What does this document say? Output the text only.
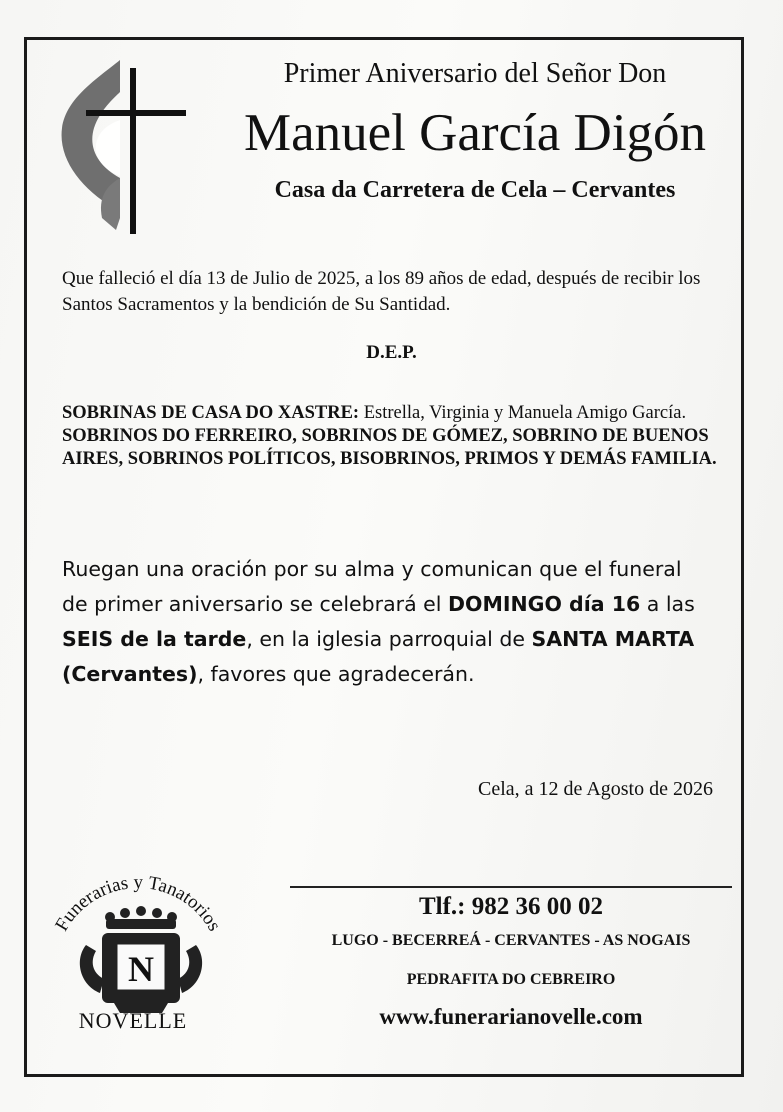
Primer Aniversario del Señor Don
Manuel García Digón
Casa da Carretera de Cela – Cervantes
Que falleció el día 13 de Julio de 2025, a los 89 años de edad, después de recibir los Santos Sacramentos y la bendición de Su Santidad.
D.E.P.
SOBRINAS DE CASA DO XASTRE: Estrella, Virginia y Manuela Amigo García.
SOBRINOS DO FERREIRO, SOBRINOS DE GÓMEZ, SOBRINO DE BUENOS AIRES, SOBRINOS POLÍTICOS, BISOBRINOS, PRIMOS Y DEMÁS FAMILIA.
Ruegan una oración por su alma y comunican que el funeral de primer aniversario se celebrará el DOMINGO día 16 a las SEIS de la tarde, en la iglesia parroquial de SANTA MARTA (Cervantes), favores que agradecerán.
Cela, a 12 de Agosto de 2026
Funerarias y Tanatorios
N
NOVELLE
Tlf.: 982 36 00 02
LUGO - BECERREÁ - CERVANTES - AS NOGAIS
PEDRAFITA DO CEBREIRO
www.funerarianovelle.com
